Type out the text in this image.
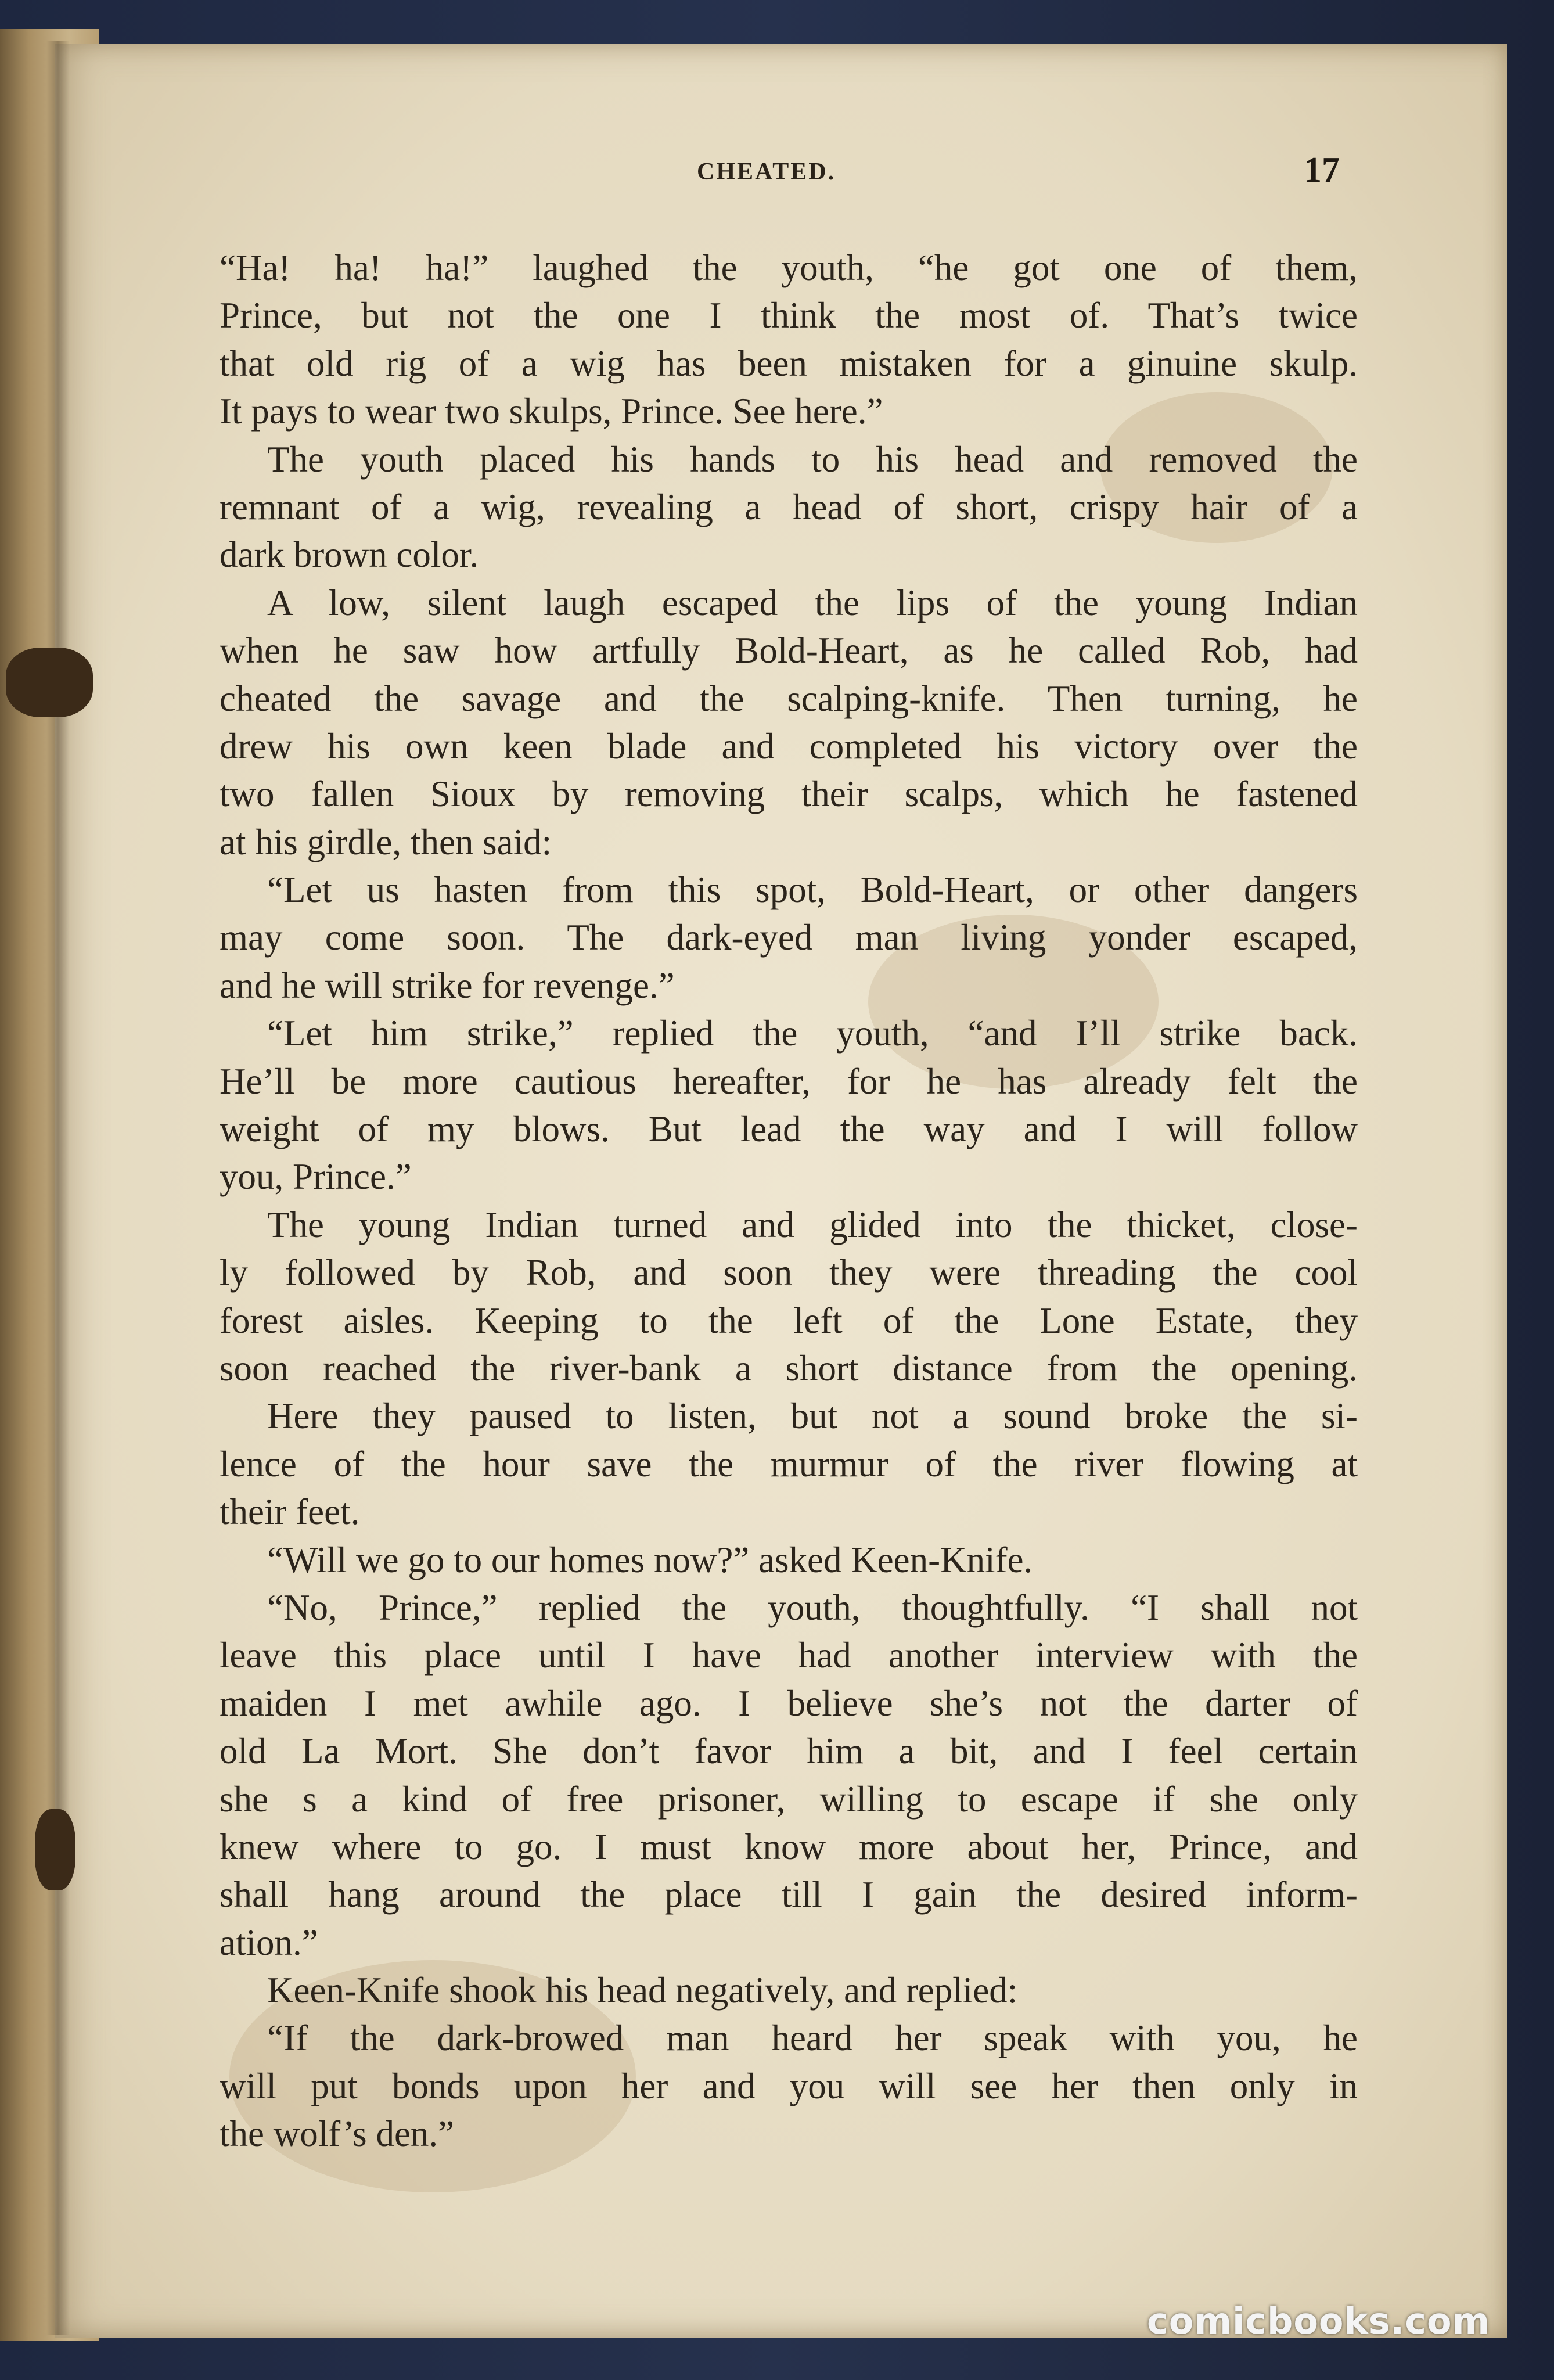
CHEATED.	17
“Ha! ha! ha!” laughed the youth, “he got one of them,
Prince, but not the one I think the most of. That’s twice
that old rig of a wig has been mistaken for a ginuine skulp.
It pays to wear two skulps, Prince. See here.”
The youth placed his hands to his head and removed the
remnant of a wig, revealing a head of short, crispy hair of a
dark brown color.
A low, silent laugh escaped the lips of the young Indian
when he saw how artfully Bold-Heart, as he called Rob, had
cheated the savage and the scalping-knife. Then turning, he
drew his own keen blade and completed his victory over the
two fallen Sioux by removing their scalps, which he fastened
at his girdle, then said:
“Let us hasten from this spot, Bold-Heart, or other dangers
may come soon. The dark-eyed man living yonder escaped,
and he will strike for revenge.”
“Let him strike,” replied the youth, “and I’ll strike back.
He’ll be more cautious hereafter, for he has already felt the
weight of my blows. But lead the way and I will follow
you, Prince.”
The young Indian turned and glided into the thicket, close-
ly followed by Rob, and soon they were threading the cool
forest aisles. Keeping to the left of the Lone Estate, they
soon reached the river-bank a short distance from the opening.
Here they paused to listen, but not a sound broke the si-
lence of the hour save the murmur of the river flowing at
their feet.
“Will we go to our homes now?” asked Keen-Knife.
“No, Prince,” replied the youth, thoughtfully. “I shall not
leave this place until I have had another interview with the
maiden I met awhile ago. I believe she’s not the darter of
old La Mort. She don’t favor him a bit, and I feel certain
she s a kind of free prisoner, willing to escape if she only
knew where to go. I must know more about her, Prince, and
shall hang around the place till I gain the desired inform-
ation.”
Keen-Knife shook his head negatively, and replied:
“If the dark-browed man heard her speak with you, he
will put bonds upon her and you will see her then only in
the wolf’s den.”
comicbooks.com
